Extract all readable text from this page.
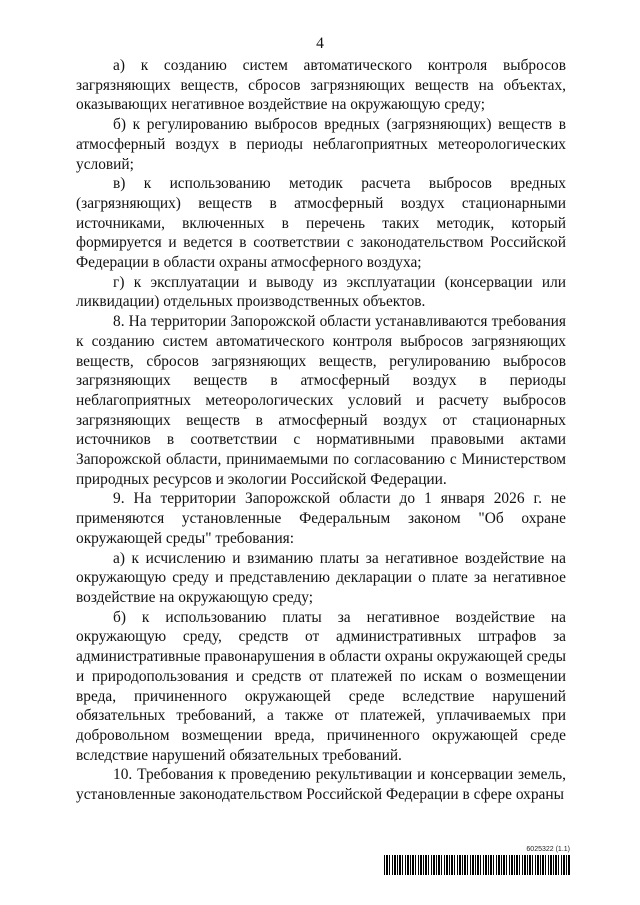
4

а) к созданию систем автоматического контроля выбросов загрязняющих веществ, сбросов загрязняющих веществ на объектах, оказывающих негативное воздействие на окружающую среду;

б) к регулированию выбросов вредных (загрязняющих) веществ в атмосферный воздух в периоды неблагоприятных метеорологических условий;

в) к использованию методик расчета выбросов вредных (загрязняющих) веществ в атмосферный воздух стационарными источниками, включенных в перечень таких методик, который формируется и ведется в соответствии с законодательством Российской Федерации в области охраны атмосферного воздуха;

г) к эксплуатации и выводу из эксплуатации (консервации или ликвидации) отдельных производственных объектов.

8. На территории Запорожской области устанавливаются требования к созданию систем автоматического контроля выбросов загрязняющих веществ, сбросов загрязняющих веществ, регулированию выбросов загрязняющих веществ в атмосферный воздух в периоды неблагоприятных метеорологических условий и расчету выбросов загрязняющих веществ в атмосферный воздух от стационарных источников в соответствии с нормативными правовыми актами Запорожской области, принимаемыми по согласованию с Министерством природных ресурсов и экологии Российской Федерации.

9. На территории Запорожской области до 1 января 2026 г. не применяются установленные Федеральным законом "Об охране окружающей среды" требования:

а) к исчислению и взиманию платы за негативное воздействие на окружающую среду и представлению декларации о плате за негативное воздействие на окружающую среду;

б) к использованию платы за негативное воздействие на окружающую среду, средств от административных штрафов за административные правонарушения в области охраны окружающей среды и природопользования и средств от платежей по искам о возмещении вреда, причиненного окружающей среде вследствие нарушений обязательных требований, а также от платежей, уплачиваемых при добровольном возмещении вреда, причиненного окружающей среде вследствие нарушений обязательных требований.

10. Требования к проведению рекультивации и консервации земель, установленные законодательством Российской Федерации в сфере охраны

6025322 (1.1)
